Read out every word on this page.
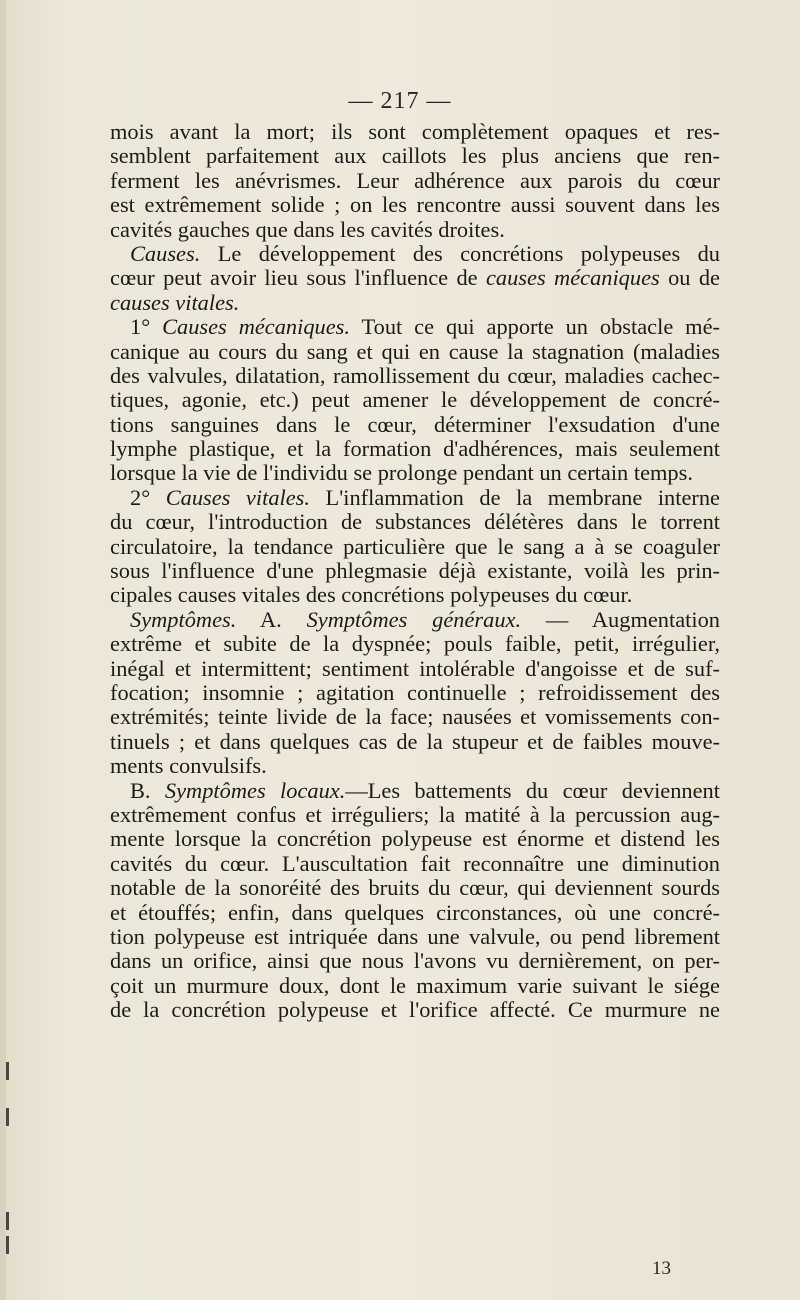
— 217 —
mois avant la mort; ils sont complètement opaques et res-
semblent parfaitement aux caillots les plus anciens que ren-
ferment les anévrismes. Leur adhérence aux parois du cœur
est extrêmement solide ; on les rencontre aussi souvent dans les
cavités gauches que dans les cavités droites.
Causes. Le développement des concrétions polypeuses du
cœur peut avoir lieu sous l'influence de causes mécaniques ou de
causes vitales.
1° Causes mécaniques. Tout ce qui apporte un obstacle mé-
canique au cours du sang et qui en cause la stagnation (maladies
des valvules, dilatation, ramollissement du cœur, maladies cachec-
tiques, agonie, etc.) peut amener le développement de concré-
tions sanguines dans le cœur, déterminer l'exsudation d'une
lymphe plastique, et la formation d'adhérences, mais seulement
lorsque la vie de l'individu se prolonge pendant un certain temps.
2° Causes vitales. L'inflammation de la membrane interne
du cœur, l'introduction de substances délétères dans le torrent
circulatoire, la tendance particulière que le sang a à se coaguler
sous l'influence d'une phlegmasie déjà existante, voilà les prin-
cipales causes vitales des concrétions polypeuses du cœur.
Symptômes. A. Symptômes généraux. — Augmentation
extrême et subite de la dyspnée; pouls faible, petit, irrégulier,
inégal et intermittent; sentiment intolérable d'angoisse et de suf-
focation; insomnie ; agitation continuelle ; refroidissement des
extrémités; teinte livide de la face; nausées et vomissements con-
tinuels ; et dans quelques cas de la stupeur et de faibles mouve-
ments convulsifs.
B. Symptômes locaux.—Les battements du cœur deviennent
extrêmement confus et irréguliers; la matité à la percussion aug-
mente lorsque la concrétion polypeuse est énorme et distend les
cavités du cœur. L'auscultation fait reconnaître une diminution
notable de la sonoréité des bruits du cœur, qui deviennent sourds
et étouffés; enfin, dans quelques circonstances, où une concré-
tion polypeuse est intriquée dans une valvule, ou pend librement
dans un orifice, ainsi que nous l'avons vu dernièrement, on per-
çoit un murmure doux, dont le maximum varie suivant le siége
de la concrétion polypeuse et l'orifice affecté. Ce murmure ne
13
